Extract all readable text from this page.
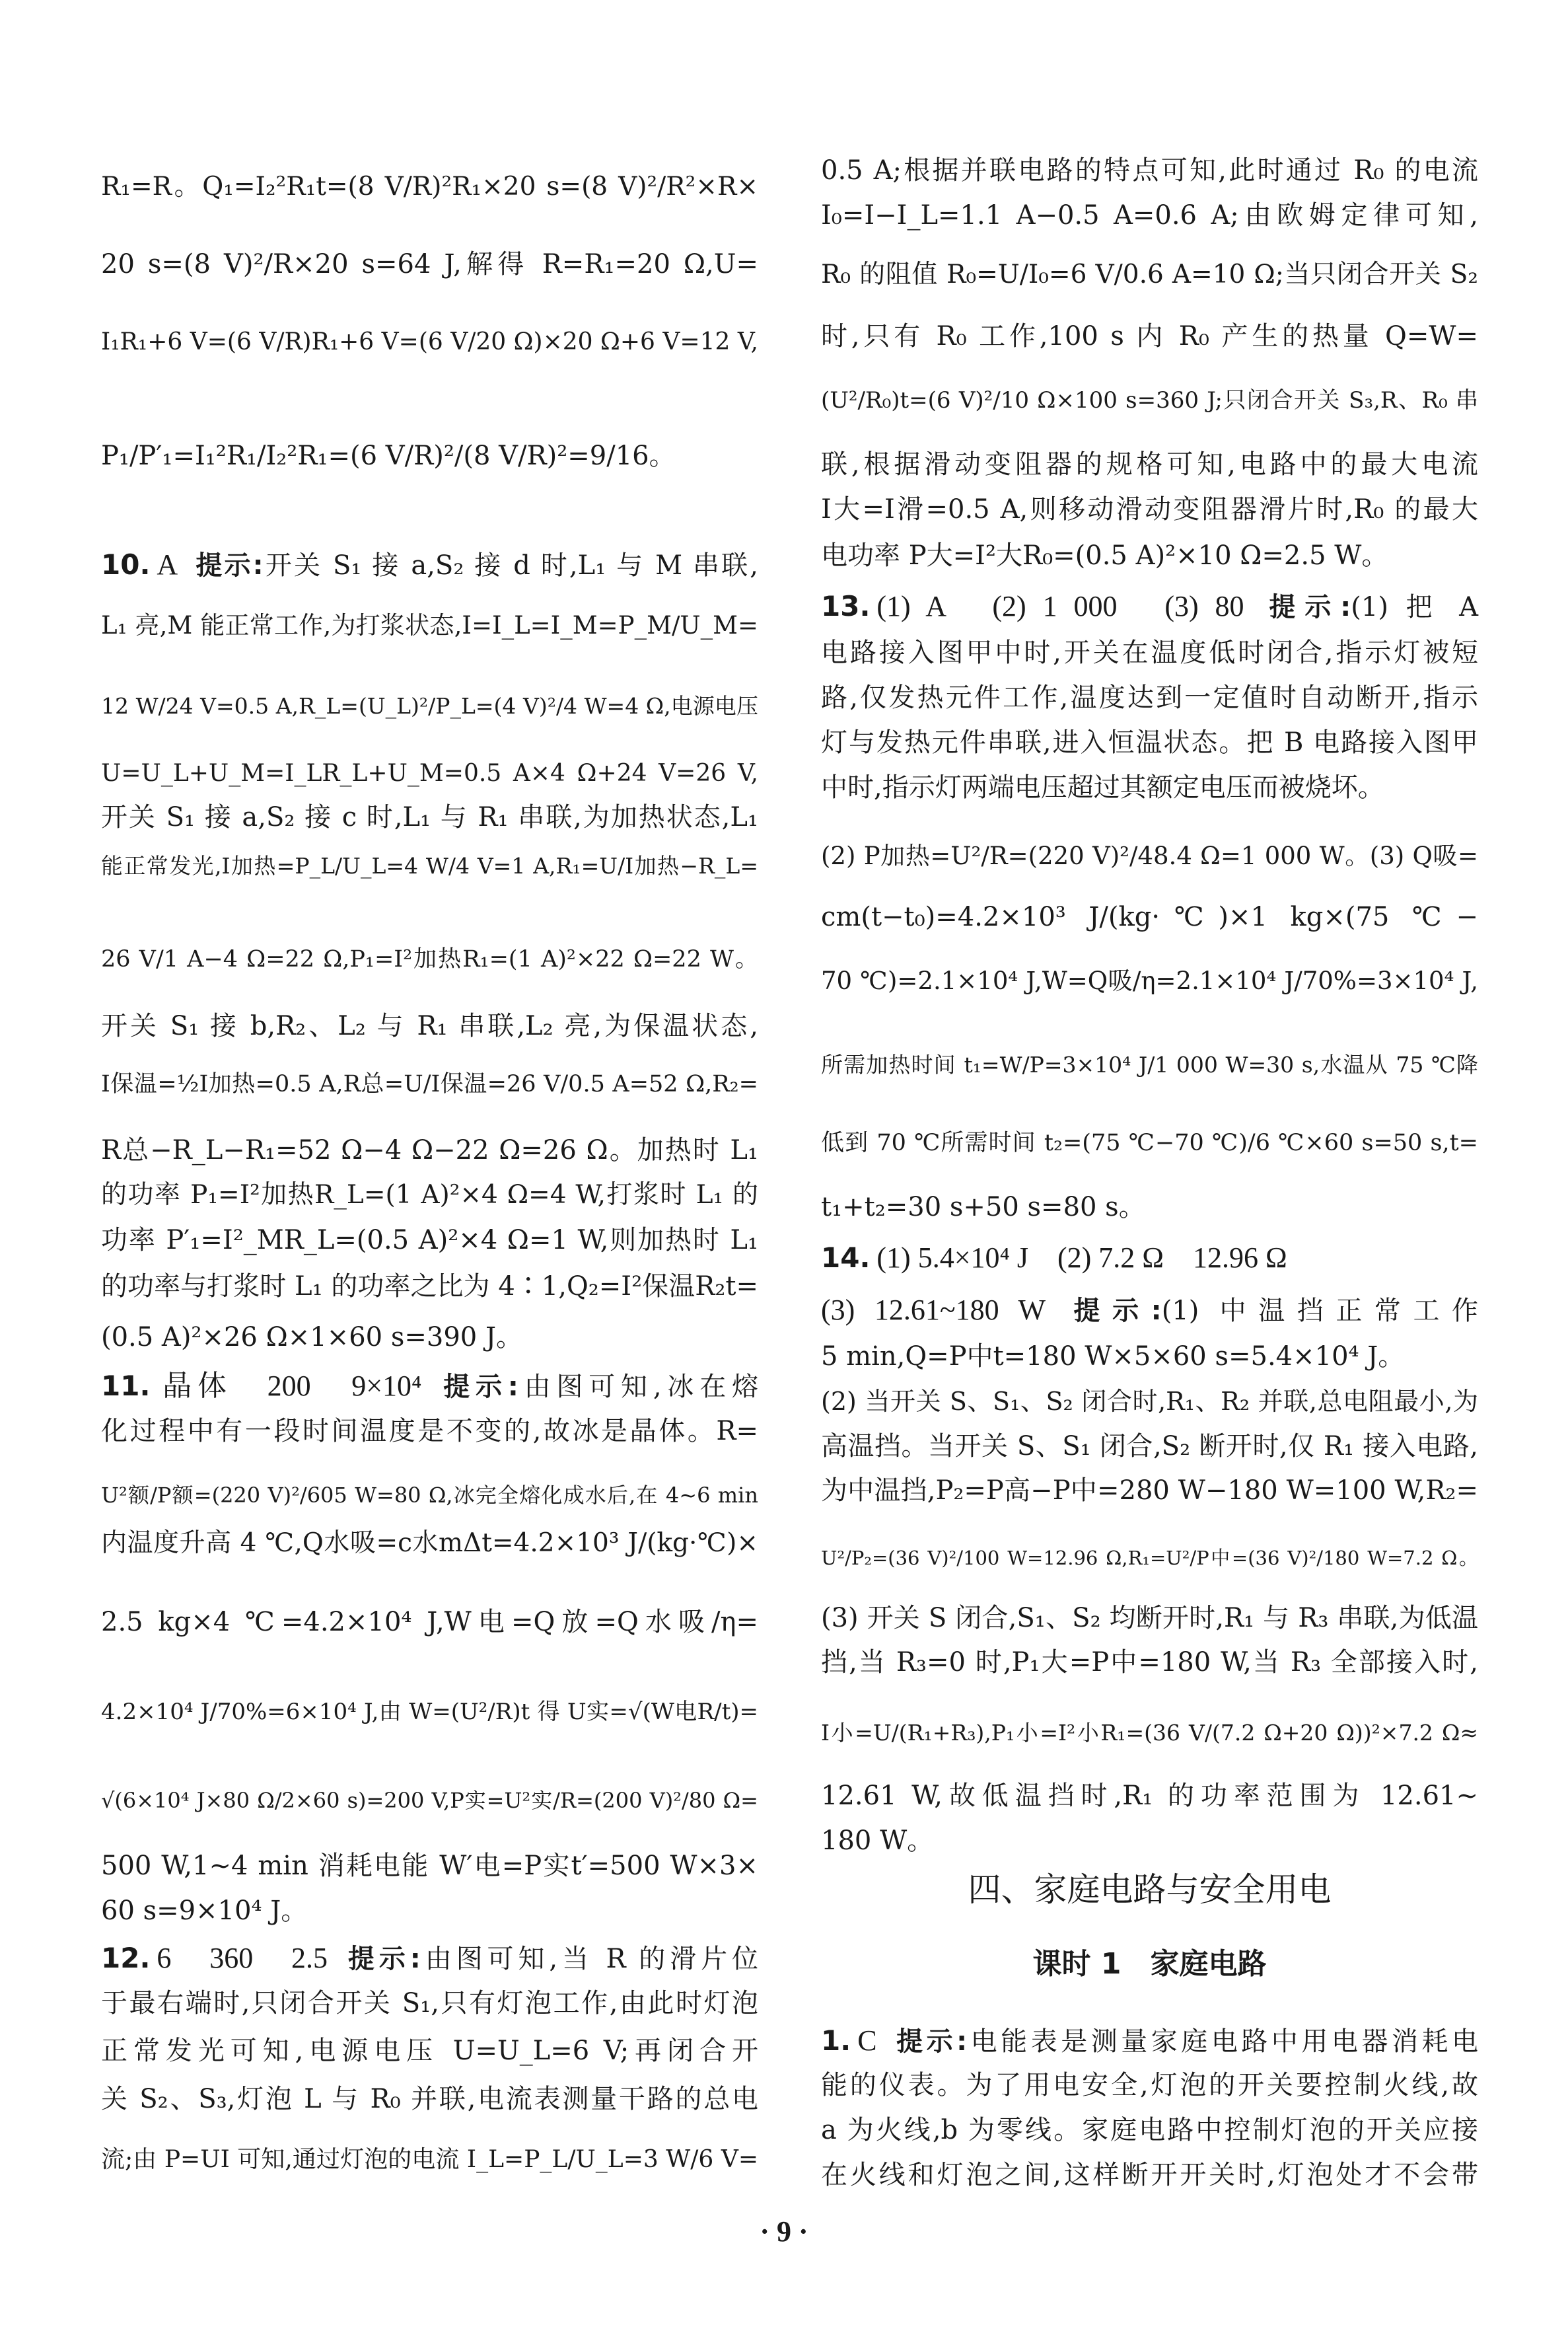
R₁=R。Q₁=I₂²R₁t=(8 V/R)²R₁×20 s=(8 V)²/R²×R×
20 s=(8 V)²/R×20 s=64 J,解得 R=R₁=20 Ω,U=
I₁R₁+6 V=(6 V/R)R₁+6 V=(6 V/20 Ω)×20 Ω+6 V=12 V,
P₁/P′₁=I₁²R₁/I₂²R₁=(6 V/R)²/(8 V/R)²=9/16。
10. A 提示:开关 S₁ 接 a,S₂ 接 d 时,L₁ 与 M 串联,
L₁ 亮,M 能正常工作,为打浆状态,I=I_L=I_M=P_M/U_M=
12 W/24 V=0.5 A,R_L=(U_L)²/P_L=(4 V)²/4 W=4 Ω,电源电压
U=U_L+U_M=I_LR_L+U_M=0.5 A×4 Ω+24 V=26 V,
开关 S₁ 接 a,S₂ 接 c 时,L₁ 与 R₁ 串联,为加热状态,L₁
能正常发光,I加热=P_L/U_L=4 W/4 V=1 A,R₁=U/I加热−R_L=
26 V/1 A−4 Ω=22 Ω,P₁=I²加热R₁=(1 A)²×22 Ω=22 W。
开关 S₁ 接 b,R₂、L₂ 与 R₁ 串联,L₂ 亮,为保温状态,
I保温=½I加热=0.5 A,R总=U/I保温=26 V/0.5 A=52 Ω,R₂=
R总−R_L−R₁=52 Ω−4 Ω−22 Ω=26 Ω。加热时 L₁
的功率 P₁=I²加热R_L=(1 A)²×4 Ω=4 W,打浆时 L₁ 的
功率 P′₁=I²_MR_L=(0.5 A)²×4 Ω=1 W,则加热时 L₁
的功率与打浆时 L₁ 的功率之比为 4∶1,Q₂=I²保温R₂t=
(0.5 A)²×26 Ω×1×60 s=390 J。
11. 晶体　200　9×10⁴ 提示:由图可知,冰在熔
化过程中有一段时间温度是不变的,故冰是晶体。R=
U²额/P额=(220 V)²/605 W=80 Ω,冰完全熔化成水后,在 4~6 min
内温度升高 4 ℃,Q水吸=c水mΔt=4.2×10³ J/(kg·℃)×
2.5 kg×4 ℃=4.2×10⁴ J,W电=Q放=Q水吸/η=
4.2×10⁴ J/70%=6×10⁴ J,由 W=(U²/R)t 得 U实=√(W电R/t)=
√(6×10⁴ J×80 Ω/2×60 s)=200 V,P实=U²实/R=(200 V)²/80 Ω=
500 W,1~4 min 消耗电能 W′电=P实t′=500 W×3×
60 s=9×10⁴ J。
12. 6　360　2.5 提示:由图可知,当 R 的滑片位
于最右端时,只闭合开关 S₁,只有灯泡工作,由此时灯泡
正常发光可知,电源电压 U=U_L=6 V;再闭合开
关 S₂、S₃,灯泡 L 与 R₀ 并联,电流表测量干路的总电
流;由 P=UI 可知,通过灯泡的电流 I_L=P_L/U_L=3 W/6 V=
0.5 A;根据并联电路的特点可知,此时通过 R₀ 的电流
I₀=I−I_L=1.1 A−0.5 A=0.6 A;由欧姆定律可知,
R₀ 的阻值 R₀=U/I₀=6 V/0.6 A=10 Ω;当只闭合开关 S₂
时,只有 R₀ 工作,100 s 内 R₀ 产生的热量 Q=W=
(U²/R₀)t=(6 V)²/10 Ω×100 s=360 J;只闭合开关 S₃,R、R₀ 串
联,根据滑动变阻器的规格可知,电路中的最大电流
I大=I滑=0.5 A,则移动滑动变阻器滑片时,R₀ 的最大
电功率 P大=I²大R₀=(0.5 A)²×10 Ω=2.5 W。
13. (1) A　(2) 1 000　(3) 80 提示:(1) 把 A
电路接入图甲中时,开关在温度低时闭合,指示灯被短
路,仅发热元件工作,温度达到一定值时自动断开,指示
灯与发热元件串联,进入恒温状态。把 B 电路接入图甲
中时,指示灯两端电压超过其额定电压而被烧坏。
(2) P加热=U²/R=(220 V)²/48.4 Ω=1 000 W。(3) Q吸=
cm(t−t₀)=4.2×10³ J/(kg·℃)×1 kg×(75 ℃−
70 ℃)=2.1×10⁴ J,W=Q吸/η=2.1×10⁴ J/70%=3×10⁴ J,
所需加热时间 t₁=W/P=3×10⁴ J/1 000 W=30 s,水温从 75 ℃降
低到 70 ℃所需时间 t₂=(75 ℃−70 ℃)/6 ℃×60 s=50 s,t=
t₁+t₂=30 s+50 s=80 s。
14. (1) 5.4×10⁴ J　(2) 7.2 Ω　12.96 Ω
(3) 12.61~180 W 提示:(1) 中温挡正常工作
5 min,Q=P中t=180 W×5×60 s=5.4×10⁴ J。
(2) 当开关 S、S₁、S₂ 闭合时,R₁、R₂ 并联,总电阻最小,为
高温挡。当开关 S、S₁ 闭合,S₂ 断开时,仅 R₁ 接入电路,
为中温挡,P₂=P高−P中=280 W−180 W=100 W,R₂=
U²/P₂=(36 V)²/100 W=12.96 Ω,R₁=U²/P中=(36 V)²/180 W=7.2 Ω。
(3) 开关 S 闭合,S₁、S₂ 均断开时,R₁ 与 R₃ 串联,为低温
挡,当 R₃=0 时,P₁大=P中=180 W,当 R₃ 全部接入时,
I小=U/(R₁+R₃),P₁小=I²小R₁=(36 V/(7.2 Ω+20 Ω))²×7.2 Ω≈
12.61 W,故低温挡时,R₁ 的功率范围为 12.61~
180 W。
四、家庭电路与安全用电
课时 1　家庭电路
1. C 提示:电能表是测量家庭电路中用电器消耗电
能的仪表。为了用电安全,灯泡的开关要控制火线,故
a 为火线,b 为零线。家庭电路中控制灯泡的开关应接
在火线和灯泡之间,这样断开开关时,灯泡处才不会带
· 9 ·
